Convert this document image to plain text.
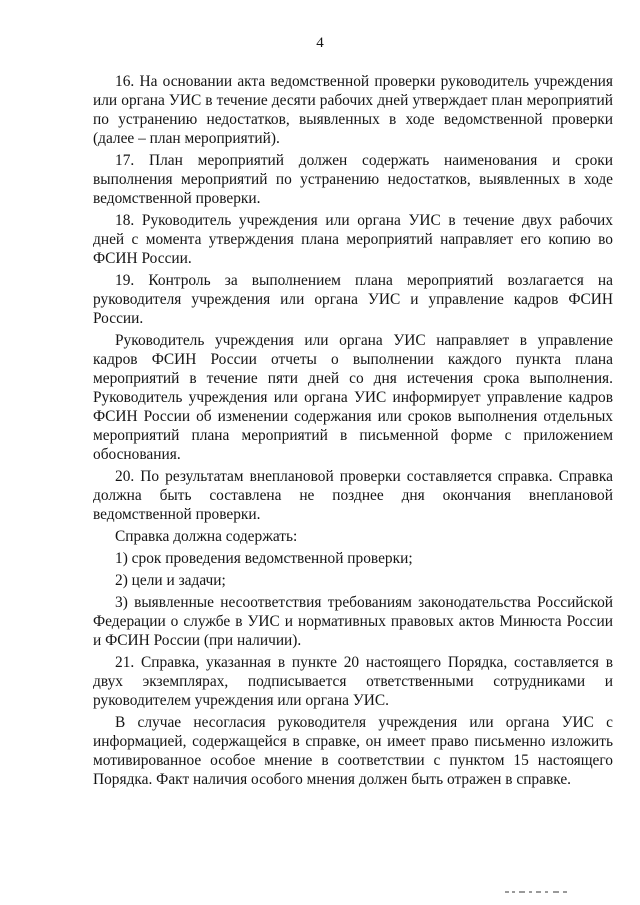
4

16. На основании акта ведомственной проверки руководитель учреждения или органа УИС в течение десяти рабочих дней утверждает план мероприятий по устранению недостатков, выявленных в ходе ведомственной проверки (далее – план мероприятий).

17. План мероприятий должен содержать наименования и сроки выполнения мероприятий по устранению недостатков, выявленных в ходе ведомственной проверки.

18. Руководитель учреждения или органа УИС в течение двух рабочих дней с момента утверждения плана мероприятий направляет его копию во ФСИН России.

19. Контроль за выполнением плана мероприятий возлагается на руководителя учреждения или органа УИС и управление кадров ФСИН России.

Руководитель учреждения или органа УИС направляет в управление кадров ФСИН России отчеты о выполнении каждого пункта плана мероприятий в течение пяти дней со дня истечения срока выполнения. Руководитель учреждения или органа УИС информирует управление кадров ФСИН России об изменении содержания или сроков выполнения отдельных мероприятий плана мероприятий в письменной форме с приложением обоснования.

20. По результатам внеплановой проверки составляется справка. Справка должна быть составлена не позднее дня окончания внеплановой ведомственной проверки.

Справка должна содержать:

1) срок проведения ведомственной проверки;

2) цели и задачи;

3) выявленные несоответствия требованиям законодательства Российской Федерации о службе в УИС и нормативных правовых актов Минюста России и ФСИН России (при наличии).

21. Справка, указанная в пункте 20 настоящего Порядка, составляется в двух экземплярах, подписывается ответственными сотрудниками и руководителем учреждения или органа УИС.

В случае несогласия руководителя учреждения или органа УИС с информацией, содержащейся в справке, он имеет право письменно изложить мотивированное особое мнение в соответствии с пунктом 15 настоящего Порядка. Факт наличия особого мнения должен быть отражен в справке.
